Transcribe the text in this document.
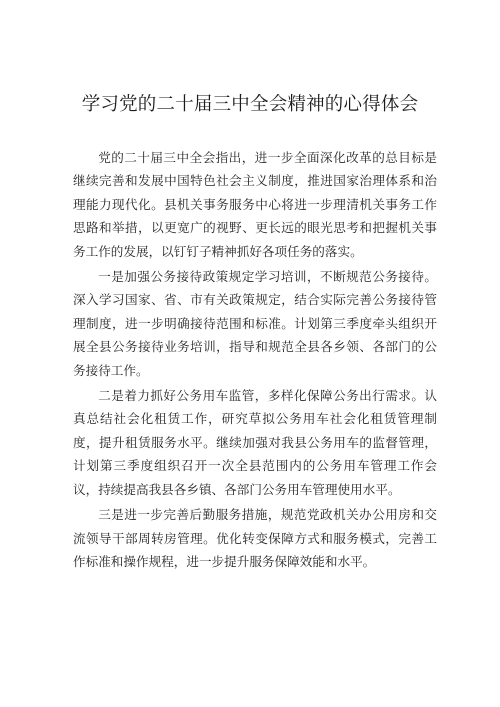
学习党的二十届三中全会精神的心得体会

党的二十届三中全会指出，进一步全面深化改革的总目标是继续完善和发展中国特色社会主义制度，推进国家治理体系和治理能力现代化。县机关事务服务中心将进一步理清机关事务工作思路和举措，以更宽广的视野、更长远的眼光思考和把握机关事务工作的发展，以钉钉子精神抓好各项任务的落实。

一是加强公务接待政策规定学习培训，不断规范公务接待。深入学习国家、省、市有关政策规定，结合实际完善公务接待管理制度，进一步明确接待范围和标准。计划第三季度牵头组织开展全县公务接待业务培训，指导和规范全县各乡领、各部门的公务接待工作。

二是着力抓好公务用车监管，多样化保障公务出行需求。认真总结社会化租赁工作，研究草拟公务用车社会化租赁管理制度，提升租赁服务水平。继续加强对我县公务用车的监督管理，计划第三季度组织召开一次全县范围内的公务用车管理工作会议，持续提高我县各乡镇、各部门公务用车管理使用水平。

三是进一步完善后勤服务措施，规范党政机关办公用房和交流领导干部周转房管理。优化转变保障方式和服务模式，完善工作标准和操作规程，进一步提升服务保障效能和水平。
